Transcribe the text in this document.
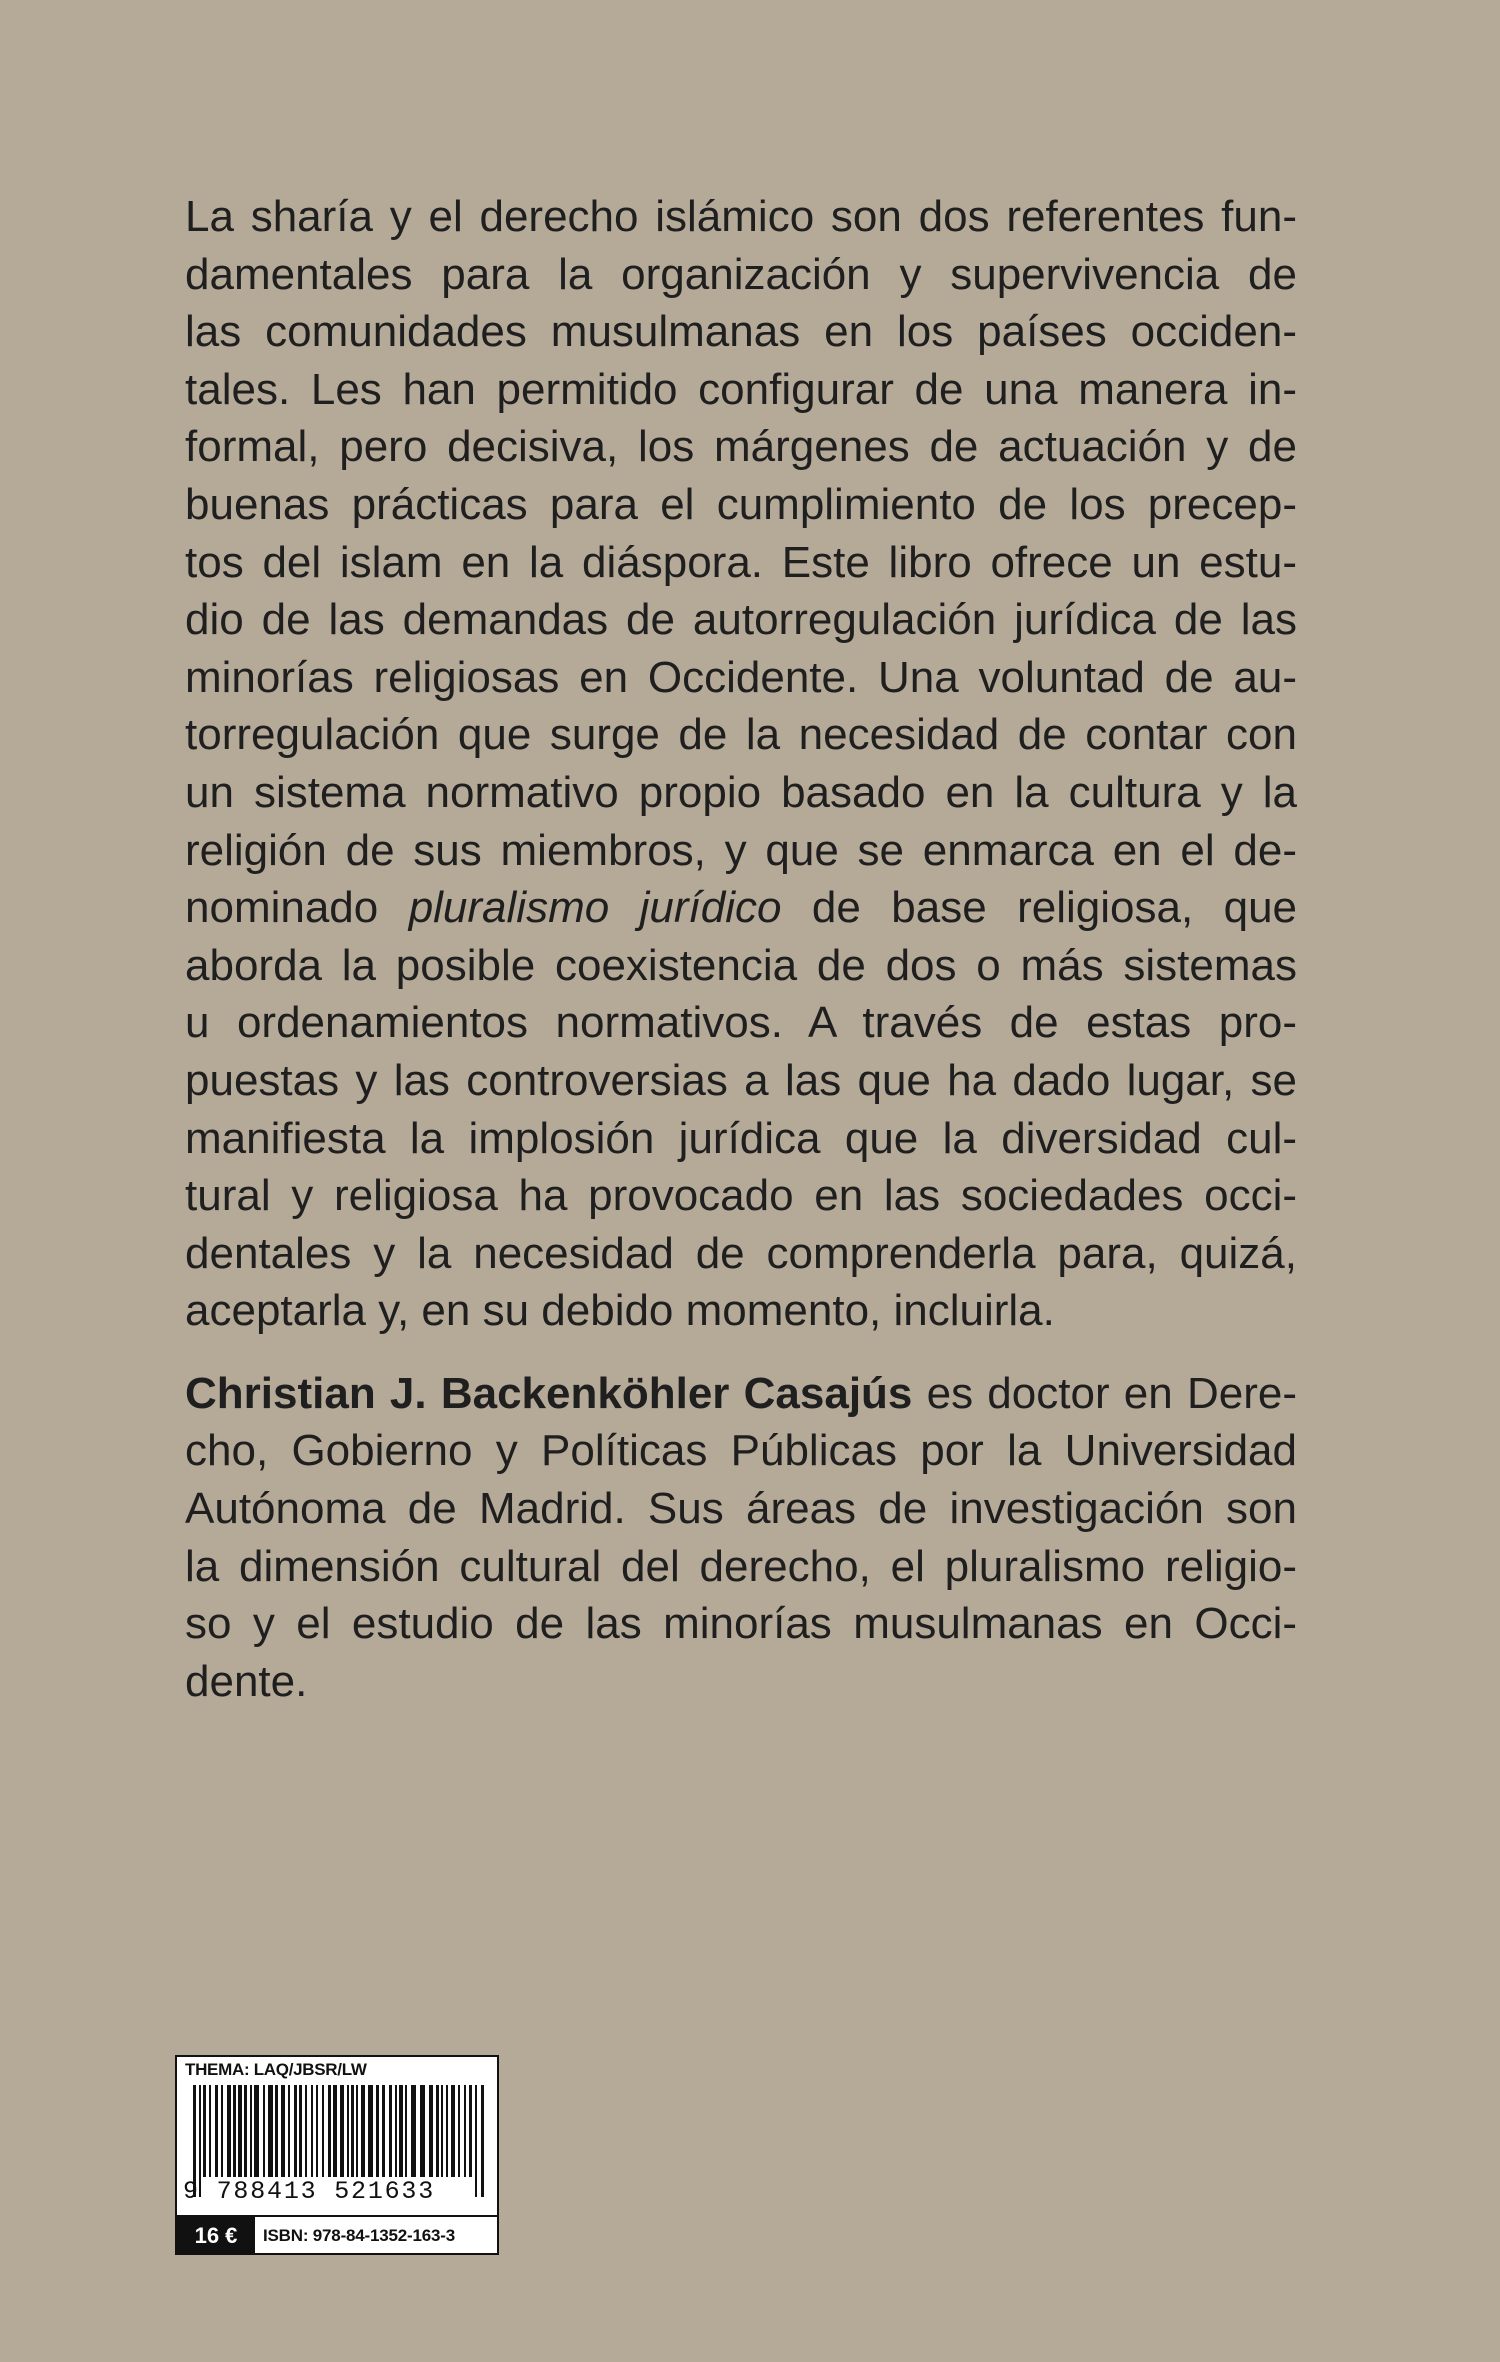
La sharía y el derecho islámico son dos referentes fun-
damentales para la organización y supervivencia de
las comunidades musulmanas en los países occiden-
tales. Les han permitido configurar de una manera in-
formal, pero decisiva, los márgenes de actuación y de
buenas prácticas para el cumplimiento de los precep-
tos del islam en la diáspora. Este libro ofrece un estu-
dio de las demandas de autorregulación jurídica de las
minorías religiosas en Occidente. Una voluntad de au-
torregulación que surge de la necesidad de contar con
un sistema normativo propio basado en la cultura y la
religión de sus miembros, y que se enmarca en el de-
nominado pluralismo jurídico de base religiosa, que
aborda la posible coexistencia de dos o más sistemas
u ordenamientos normativos. A través de estas pro-
puestas y las controversias a las que ha dado lugar, se
manifiesta la implosión jurídica que la diversidad cul-
tural y religiosa ha provocado en las sociedades occi-
dentales y la necesidad de comprenderla para, quizá,
aceptarla y, en su debido momento, incluirla.
Christian J. Backenköhler Casajús es doctor en Dere-
cho, Gobierno y Políticas Públicas por la Universidad
Autónoma de Madrid. Sus áreas de investigación son
la dimensión cultural del derecho, el pluralismo religio-
so y el estudio de las minorías musulmanas en Occi-
dente.
THEMA: LAQ/JBSR/LW
9 788413 521633
16 €	ISBN: 978-84-1352-163-3
